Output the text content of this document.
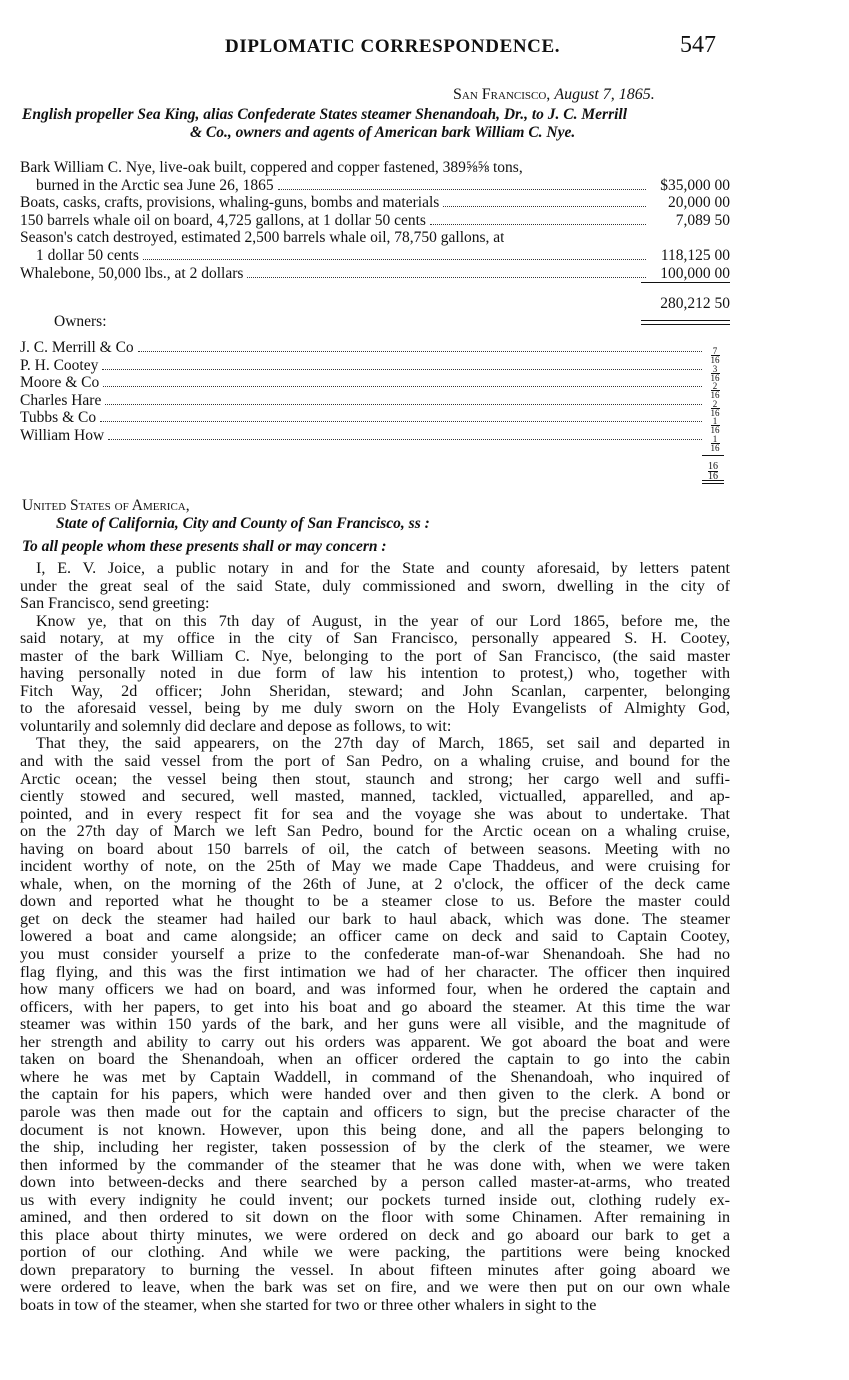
DIPLOMATIC CORRESPONDENCE.	547
San Francisco, August 7, 1865.
English propeller Sea King, alias Confederate States steamer Shenandoah, Dr., to J. C. Merrill
& Co., owners and agents of American bark William C. Nye.
Bark William C. Nye, live-oak built, coppered and copper fastened, 389⅝⅝ tons,
burned in the Arctic sea June 26, 1865	$35,000 00
Boats, casks, crafts, provisions, whaling-guns, bombs and materials	20,000 00
150 barrels whale oil on board, 4,725 gallons, at 1 dollar 50 cents	7,089 50
Season's catch destroyed, estimated 2,500 barrels whale oil, 78,750 gallons, at
1 dollar 50 cents	118,125 00
Whalebone, 50,000 lbs., at 2 dollars	100,000 00
280,212 50
Owners:
J. C. Merrill & Co	$\frac{7}{16}$
P. H. Cootey	$\frac{3}{16}$
Moore & Co	$\frac{2}{16}$
Charles Hare	$\frac{2}{16}$
Tubbs & Co	$\frac{1}{16}$
William How	$\frac{1}{16}$
$\frac{16}{16}$
United States of America,
State of California, City and County of San Francisco, ss :
To all people whom these presents shall or may concern :

I, E. V. Joice, a public notary in and for the State and county aforesaid, by letters patent
under the great seal of the said State, duly commissioned and sworn, dwelling in the city of
San Francisco, send greeting:

Know ye, that on this 7th day of August, in the year of our Lord 1865, before me, the
said notary, at my office in the city of San Francisco, personally appeared S. H. Cootey,
master of the bark William C. Nye, belonging to the port of San Francisco, (the said master
having personally noted in due form of law his intention to protest,) who, together with
Fitch Way, 2d officer; John Sheridan, steward; and John Scanlan, carpenter, belonging
to the aforesaid vessel, being by me duly sworn on the Holy Evangelists of Almighty God,
voluntarily and solemnly did declare and depose as follows, to wit:

That they, the said appearers, on the 27th day of March, 1865, set sail and departed in
and with the said vessel from the port of San Pedro, on a whaling cruise, and bound for the
Arctic ocean; the vessel being then stout, staunch and strong; her cargo well and suffi-
ciently stowed and secured, well masted, manned, tackled, victualled, apparelled, and ap-
pointed, and in every respect fit for sea and the voyage she was about to undertake. That
on the 27th day of March we left San Pedro, bound for the Arctic ocean on a whaling cruise,
having on board about 150 barrels of oil, the catch of between seasons. Meeting with no
incident worthy of note, on the 25th of May we made Cape Thaddeus, and were cruising for
whale, when, on the morning of the 26th of June, at 2 o'clock, the officer of the deck came
down and reported what he thought to be a steamer close to us. Before the master could
get on deck the steamer had hailed our bark to haul aback, which was done. The steamer
lowered a boat and came alongside; an officer came on deck and said to Captain Cootey,
you must consider yourself a prize to the confederate man-of-war Shenandoah. She had no
flag flying, and this was the first intimation we had of her character. The officer then inquired
how many officers we had on board, and was informed four, when he ordered the captain and
officers, with her papers, to get into his boat and go aboard the steamer. At this time the war
steamer was within 150 yards of the bark, and her guns were all visible, and the magnitude of
her strength and ability to carry out his orders was apparent. We got aboard the boat and were
taken on board the Shenandoah, when an officer ordered the captain to go into the cabin
where he was met by Captain Waddell, in command of the Shenandoah, who inquired of
the captain for his papers, which were handed over and then given to the clerk. A bond or
parole was then made out for the captain and officers to sign, but the precise character of the
document is not known. However, upon this being done, and all the papers belonging to
the ship, including her register, taken possession of by the clerk of the steamer, we were
then informed by the commander of the steamer that he was done with, when we were taken
down into between-decks and there searched by a person called master-at-arms, who treated
us with every indignity he could invent; our pockets turned inside out, clothing rudely ex-
amined, and then ordered to sit down on the floor with some Chinamen. After remaining in
this place about thirty minutes, we were ordered on deck and go aboard our bark to get a
portion of our clothing. And while we were packing, the partitions were being knocked
down preparatory to burning the vessel. In about fifteen minutes after going aboard we
were ordered to leave, when the bark was set on fire, and we were then put on our own whale
boats in tow of the steamer, when she started for two or three other whalers in sight to the
